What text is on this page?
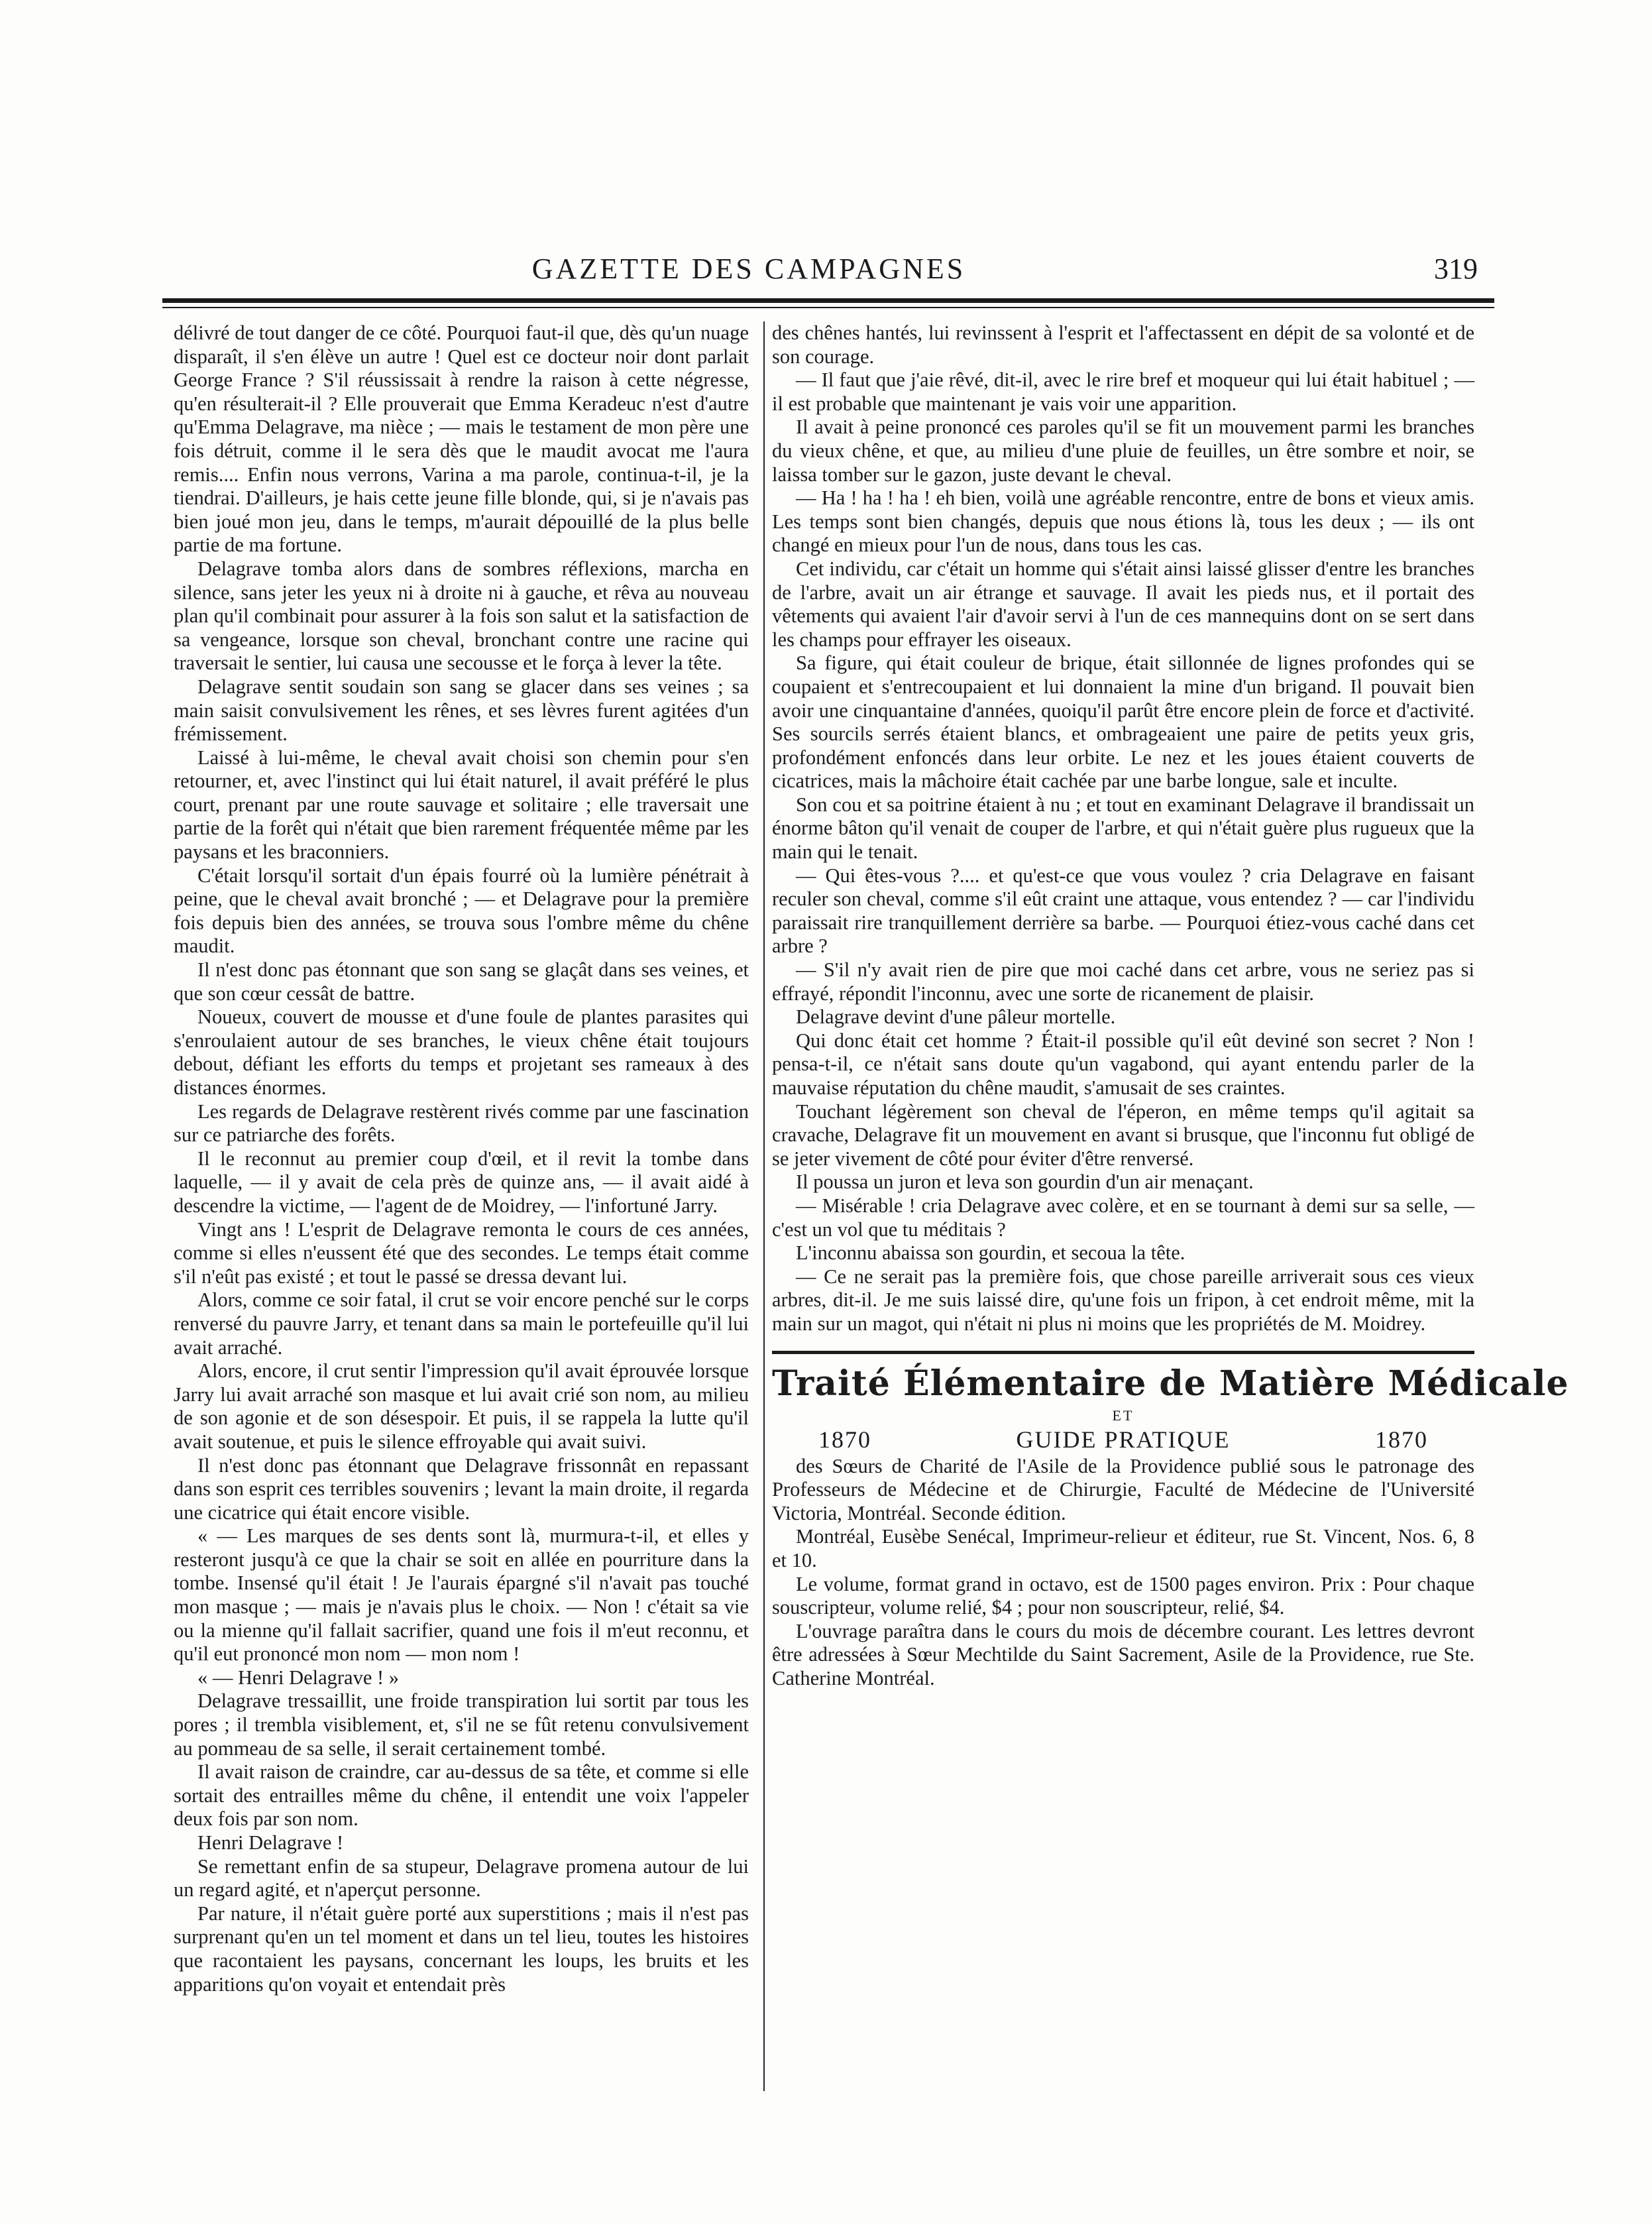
GAZETTE DES CAMPAGNES	319

délivré de tout danger de ce côté. Pourquoi faut-il que, dès qu'un nuage disparaît, il s'en élève un autre ! Quel est ce docteur noir dont parlait George France ? S'il réussissait à rendre la raison à cette négresse, qu'en résulterait-il ? Elle prouverait que Emma Keradeuc n'est d'autre qu'Emma Delagrave, ma nièce ; — mais le testament de mon père une fois détruit, comme il le sera dès que le maudit avocat me l'aura remis.... Enfin nous verrons, Varina a ma parole, continua-t-il, je la tiendrai. D'ailleurs, je hais cette jeune fille blonde, qui, si je n'avais pas bien joué mon jeu, dans le temps, m'aurait dépouillé de la plus belle partie de ma fortune.

Delagrave tomba alors dans de sombres réflexions, marcha en silence, sans jeter les yeux ni à droite ni à gauche, et rêva au nouveau plan qu'il combinait pour assurer à la fois son salut et la satisfaction de sa vengeance, lorsque son cheval, bronchant contre une racine qui traversait le sentier, lui causa une secousse et le força à lever la tête.

Delagrave sentit soudain son sang se glacer dans ses veines ; sa main saisit convulsivement les rênes, et ses lèvres furent agitées d'un frémissement.

Laissé à lui-même, le cheval avait choisi son chemin pour s'en retourner, et, avec l'instinct qui lui était naturel, il avait préféré le plus court, prenant par une route sauvage et solitaire ; elle traversait une partie de la forêt qui n'était que bien rarement fréquentée même par les paysans et les braconniers.

C'était lorsqu'il sortait d'un épais fourré où la lumière pénétrait à peine, que le cheval avait bronché ; — et Delagrave pour la première fois depuis bien des années, se trouva sous l'ombre même du chêne maudit.

Il n'est donc pas étonnant que son sang se glaçât dans ses veines, et que son cœur cessât de battre.

Noueux, couvert de mousse et d'une foule de plantes parasites qui s'enroulaient autour de ses branches, le vieux chêne était toujours debout, défiant les efforts du temps et projetant ses rameaux à des distances énormes.

Les regards de Delagrave restèrent rivés comme par une fascination sur ce patriarche des forêts.

Il le reconnut au premier coup d'œil, et il revit la tombe dans laquelle, — il y avait de cela près de quinze ans, — il avait aidé à descendre la victime, — l'agent de de Moidrey, — l'infortuné Jarry.

Vingt ans ! L'esprit de Delagrave remonta le cours de ces années, comme si elles n'eussent été que des secondes. Le temps était comme s'il n'eût pas existé ; et tout le passé se dressa devant lui.

Alors, comme ce soir fatal, il crut se voir encore penché sur le corps renversé du pauvre Jarry, et tenant dans sa main le portefeuille qu'il lui avait arraché.

Alors, encore, il crut sentir l'impression qu'il avait éprouvée lorsque Jarry lui avait arraché son masque et lui avait crié son nom, au milieu de son agonie et de son désespoir. Et puis, il se rappela la lutte qu'il avait soutenue, et puis le silence effroyable qui avait suivi.

Il n'est donc pas étonnant que Delagrave frissonnât en repassant dans son esprit ces terribles souvenirs ; levant la main droite, il regarda une cicatrice qui était encore visible.

« — Les marques de ses dents sont là, murmura-t-il, et elles y resteront jusqu'à ce que la chair se soit en allée en pourriture dans la tombe. Insensé qu'il était ! Je l'aurais épargné s'il n'avait pas touché mon masque ; — mais je n'avais plus le choix. — Non ! c'était sa vie ou la mienne qu'il fallait sacrifier, quand une fois il m'eut reconnu, et qu'il eut prononcé mon nom — mon nom !

« — Henri Delagrave ! »

Delagrave tressaillit, une froide transpiration lui sortit par tous les pores ; il trembla visiblement, et, s'il ne se fût retenu convulsivement au pommeau de sa selle, il serait certainement tombé.

Il avait raison de craindre, car au-dessus de sa tête, et comme si elle sortait des entrailles même du chêne, il entendit une voix l'appeler deux fois par son nom.

Henri Delagrave !

Se remettant enfin de sa stupeur, Delagrave promena autour de lui un regard agité, et n'aperçut personne.

Par nature, il n'était guère porté aux superstitions ; mais il n'est pas surprenant qu'en un tel moment et dans un tel lieu, toutes les histoires que racontaient les paysans, concernant les loups, les bruits et les apparitions qu'on voyait et entendait près

des chênes hantés, lui revinssent à l'esprit et l'affectassent en dépit de sa volonté et de son courage.

— Il faut que j'aie rêvé, dit-il, avec le rire bref et moqueur qui lui était habituel ; — il est probable que maintenant je vais voir une apparition.

Il avait à peine prononcé ces paroles qu'il se fit un mouvement parmi les branches du vieux chêne, et que, au milieu d'une pluie de feuilles, un être sombre et noir, se laissa tomber sur le gazon, juste devant le cheval.

— Ha ! ha ! ha ! eh bien, voilà une agréable rencontre, entre de bons et vieux amis. Les temps sont bien changés, depuis que nous étions là, tous les deux ; — ils ont changé en mieux pour l'un de nous, dans tous les cas.

Cet individu, car c'était un homme qui s'était ainsi laissé glisser d'entre les branches de l'arbre, avait un air étrange et sauvage. Il avait les pieds nus, et il portait des vêtements qui avaient l'air d'avoir servi à l'un de ces mannequins dont on se sert dans les champs pour effrayer les oiseaux.

Sa figure, qui était couleur de brique, était sillonnée de lignes profondes qui se coupaient et s'entrecoupaient et lui donnaient la mine d'un brigand. Il pouvait bien avoir une cinquantaine d'années, quoiqu'il parût être encore plein de force et d'activité. Ses sourcils serrés étaient blancs, et ombrageaient une paire de petits yeux gris, profondément enfoncés dans leur orbite. Le nez et les joues étaient couverts de cicatrices, mais la mâchoire était cachée par une barbe longue, sale et inculte.

Son cou et sa poitrine étaient à nu ; et tout en examinant Delagrave il brandissait un énorme bâton qu'il venait de couper de l'arbre, et qui n'était guère plus rugueux que la main qui le tenait.

— Qui êtes-vous ?.... et qu'est-ce que vous voulez ? cria Delagrave en faisant reculer son cheval, comme s'il eût craint une attaque, vous entendez ? — car l'individu paraissait rire tranquillement derrière sa barbe. — Pourquoi étiez-vous caché dans cet arbre ?

— S'il n'y avait rien de pire que moi caché dans cet arbre, vous ne seriez pas si effrayé, répondit l'inconnu, avec une sorte de ricanement de plaisir.

Delagrave devint d'une pâleur mortelle.

Qui donc était cet homme ? Était-il possible qu'il eût deviné son secret ? Non ! pensa-t-il, ce n'était sans doute qu'un vagabond, qui ayant entendu parler de la mauvaise réputation du chêne maudit, s'amusait de ses craintes.

Touchant légèrement son cheval de l'éperon, en même temps qu'il agitait sa cravache, Delagrave fit un mouvement en avant si brusque, que l'inconnu fut obligé de se jeter vivement de côté pour éviter d'être renversé.

Il poussa un juron et leva son gourdin d'un air menaçant.

— Misérable ! cria Delagrave avec colère, et en se tournant à demi sur sa selle, — c'est un vol que tu méditais ?

L'inconnu abaissa son gourdin, et secoua la tête.

— Ce ne serait pas la première fois, que chose pareille arriverait sous ces vieux arbres, dit-il. Je me suis laissé dire, qu'une fois un fripon, à cet endroit même, mit la main sur un magot, qui n'était ni plus ni moins que les propriétés de M. Moidrey.

Traité Élémentaire de Matière Médicale
ET
1870	GUIDE PRATIQUE	1870

des Sœurs de Charité de l'Asile de la Providence publié sous le patronage des Professeurs de Médecine et de Chirurgie, Faculté de Médecine de l'Université Victoria, Montréal. Seconde édition.

Montréal, Eusèbe Senécal, Imprimeur-relieur et éditeur, rue St. Vincent, Nos. 6, 8 et 10.

Le volume, format grand in octavo, est de 1500 pages environ. Prix : Pour chaque souscripteur, volume relié, $4 ; pour non souscripteur, relié, $4.

L'ouvrage paraîtra dans le cours du mois de décembre courant. Les lettres devront être adressées à Sœur Mechtilde du Saint Sacrement, Asile de la Providence, rue Ste. Catherine Montréal.
